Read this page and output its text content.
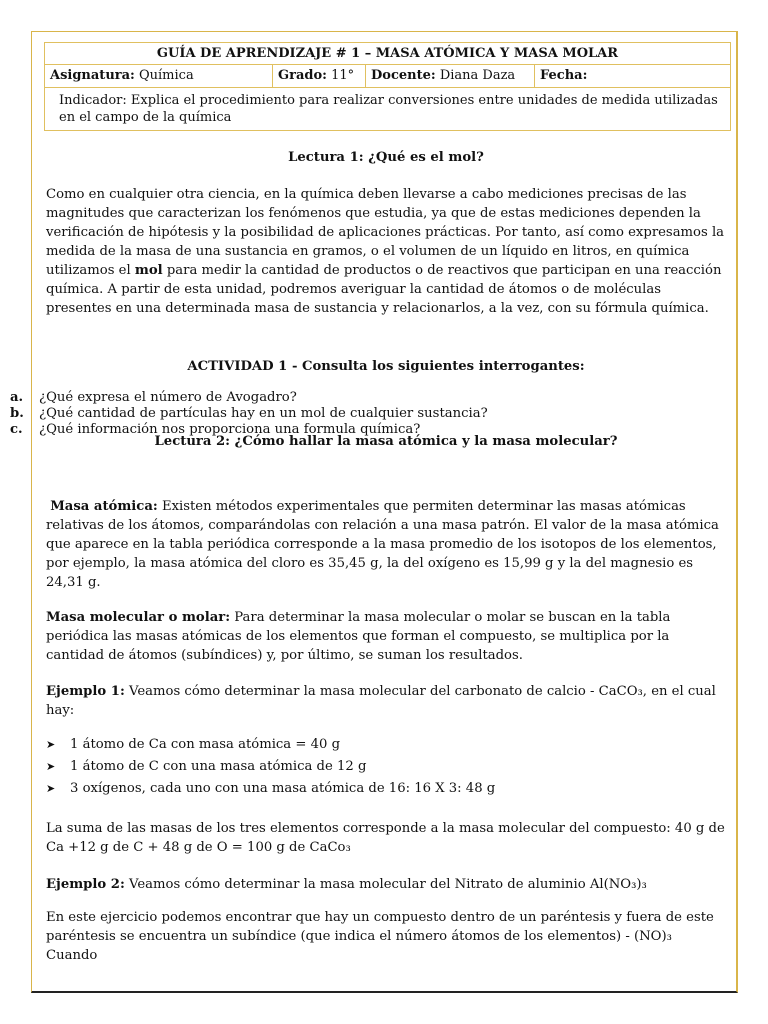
GUÍA DE APRENDIZAJE # 1 – MASA ATÓMICA Y MASA MOLAR
Asignatura: Química	Grado: 11°	Docente: Diana Daza	Fecha:
Indicador: Explica el procedimiento para realizar conversiones entre unidades de medida utilizadas en el campo de la química
Lectura 1: ¿Qué es el mol?

Como en cualquier otra ciencia, en la química deben llevarse a cabo mediciones precisas de las magnitudes que caracterizan los fenómenos que estudia, ya que de estas mediciones dependen la verificación de hipótesis y la posibilidad de aplicaciones prácticas. Por tanto, así como expresamos la medida de la masa de una sustancia en gramos, o el volumen de un líquido en litros, en química utilizamos el mol para medir la cantidad de productos o de reactivos que participan en una reacción química. A partir de esta unidad, podremos averiguar la cantidad de átomos o de moléculas presentes en una determinada masa de sustancia y relacionarlos, a la vez, con su fórmula química.

ACTIVIDAD 1 - Consulta los siguientes interrogantes:
a.	¿Qué expresa el número de Avogadro?
b.	¿Qué cantidad de partículas hay en un mol de cualquier sustancia?
c.	¿Qué información nos proporciona una formula química?
Lectura 2: ¿Cómo hallar la masa atómica y la masa molecular?

Masa atómica: Existen métodos experimentales que permiten determinar las masas atómicas relativas de los átomos, comparándolas con relación a una masa patrón. El valor de la masa atómica que aparece en la tabla periódica corresponde a la masa promedio de los isotopos de los elementos, por ejemplo, la masa atómica del cloro es 35,45 g, la del oxígeno es 15,99 g y la del magnesio es 24,31 g.

Masa molecular o molar: Para determinar la masa molecular o molar se buscan en la tabla periódica las masas atómicas de los elementos que forman el compuesto, se multiplica por la cantidad de átomos (subíndices) y, por último, se suman los resultados.

Ejemplo 1: Veamos cómo determinar la masa molecular del carbonato de calcio - CaCO₃, en el cual hay:

➤	1 átomo de Ca con masa atómica = 40 g
➤	1 átomo de C con una masa atómica de 12 g
➤	3 oxígenos, cada uno con una masa atómica de 16: 16 X 3: 48 g

La suma de las masas de los tres elementos corresponde a la masa molecular del compuesto: 40 g de Ca +12 g de C + 48 g de O = 100 g de CaCo₃

Ejemplo 2: Veamos cómo determinar la masa molecular del Nitrato de aluminio Al(NO₃)₃

En este ejercicio podemos encontrar que hay un compuesto dentro de un paréntesis y fuera de este paréntesis se encuentra un subíndice (que indica el número átomos de los elementos) - (NO)₃ Cuando
